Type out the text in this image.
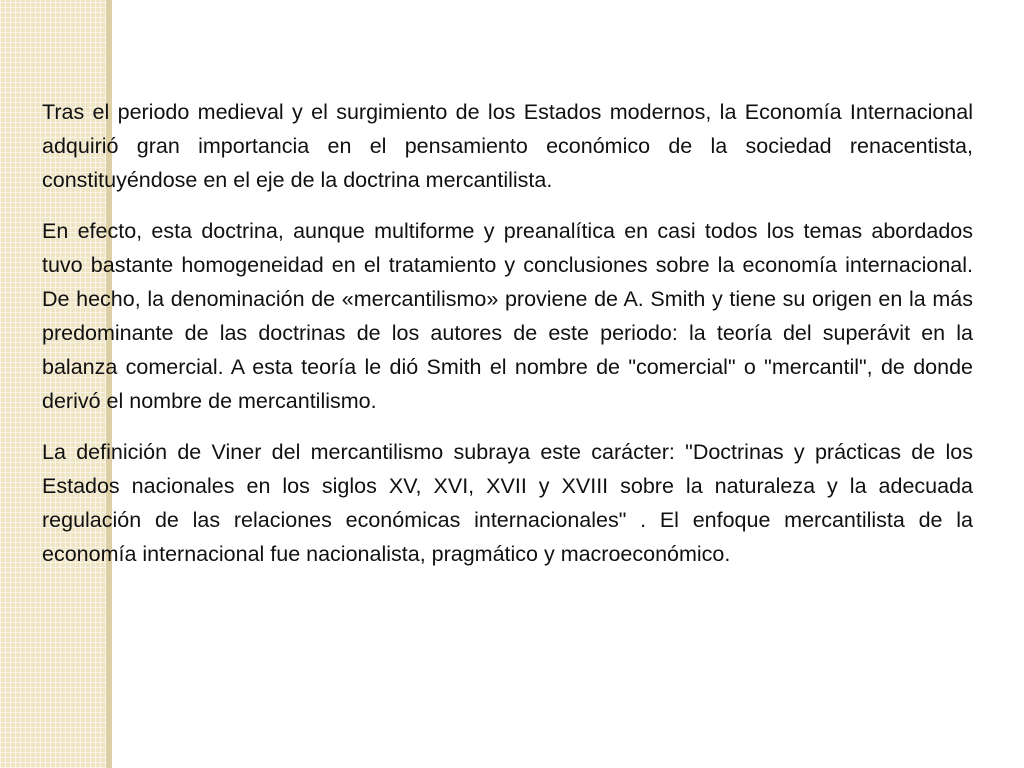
Tras el periodo medieval y el surgimiento de los Estados modernos, la Economía Internacional adquirió gran importancia en el pensamiento económico de la sociedad renacentista, constituyéndose en el eje de la doctrina mercantilista.

En efecto, esta doctrina, aunque multiforme y preanalítica en casi todos los temas abordados tuvo bastante homogeneidad en el tratamiento y conclusiones sobre la economía internacional. De hecho, la denominación de «mercantilismo» proviene de A. Smith y tiene su origen en la más predominante de las doctrinas de los autores de este periodo: la teoría del superávit en la balanza comercial. A esta teoría le dió Smith el nombre de "comercial" o "mercantil", de donde derivó el nombre de mercantilismo.

La definición de Viner del mercantilismo subraya este carácter: "Doctrinas y prácticas de los Estados nacionales en los siglos XV, XVI, XVII y XVIII sobre la naturaleza y la adecuada regulación de las relaciones económicas internacionales" . El enfoque mercantilista de la economía internacional fue nacionalista, pragmático y macroeconómico.
